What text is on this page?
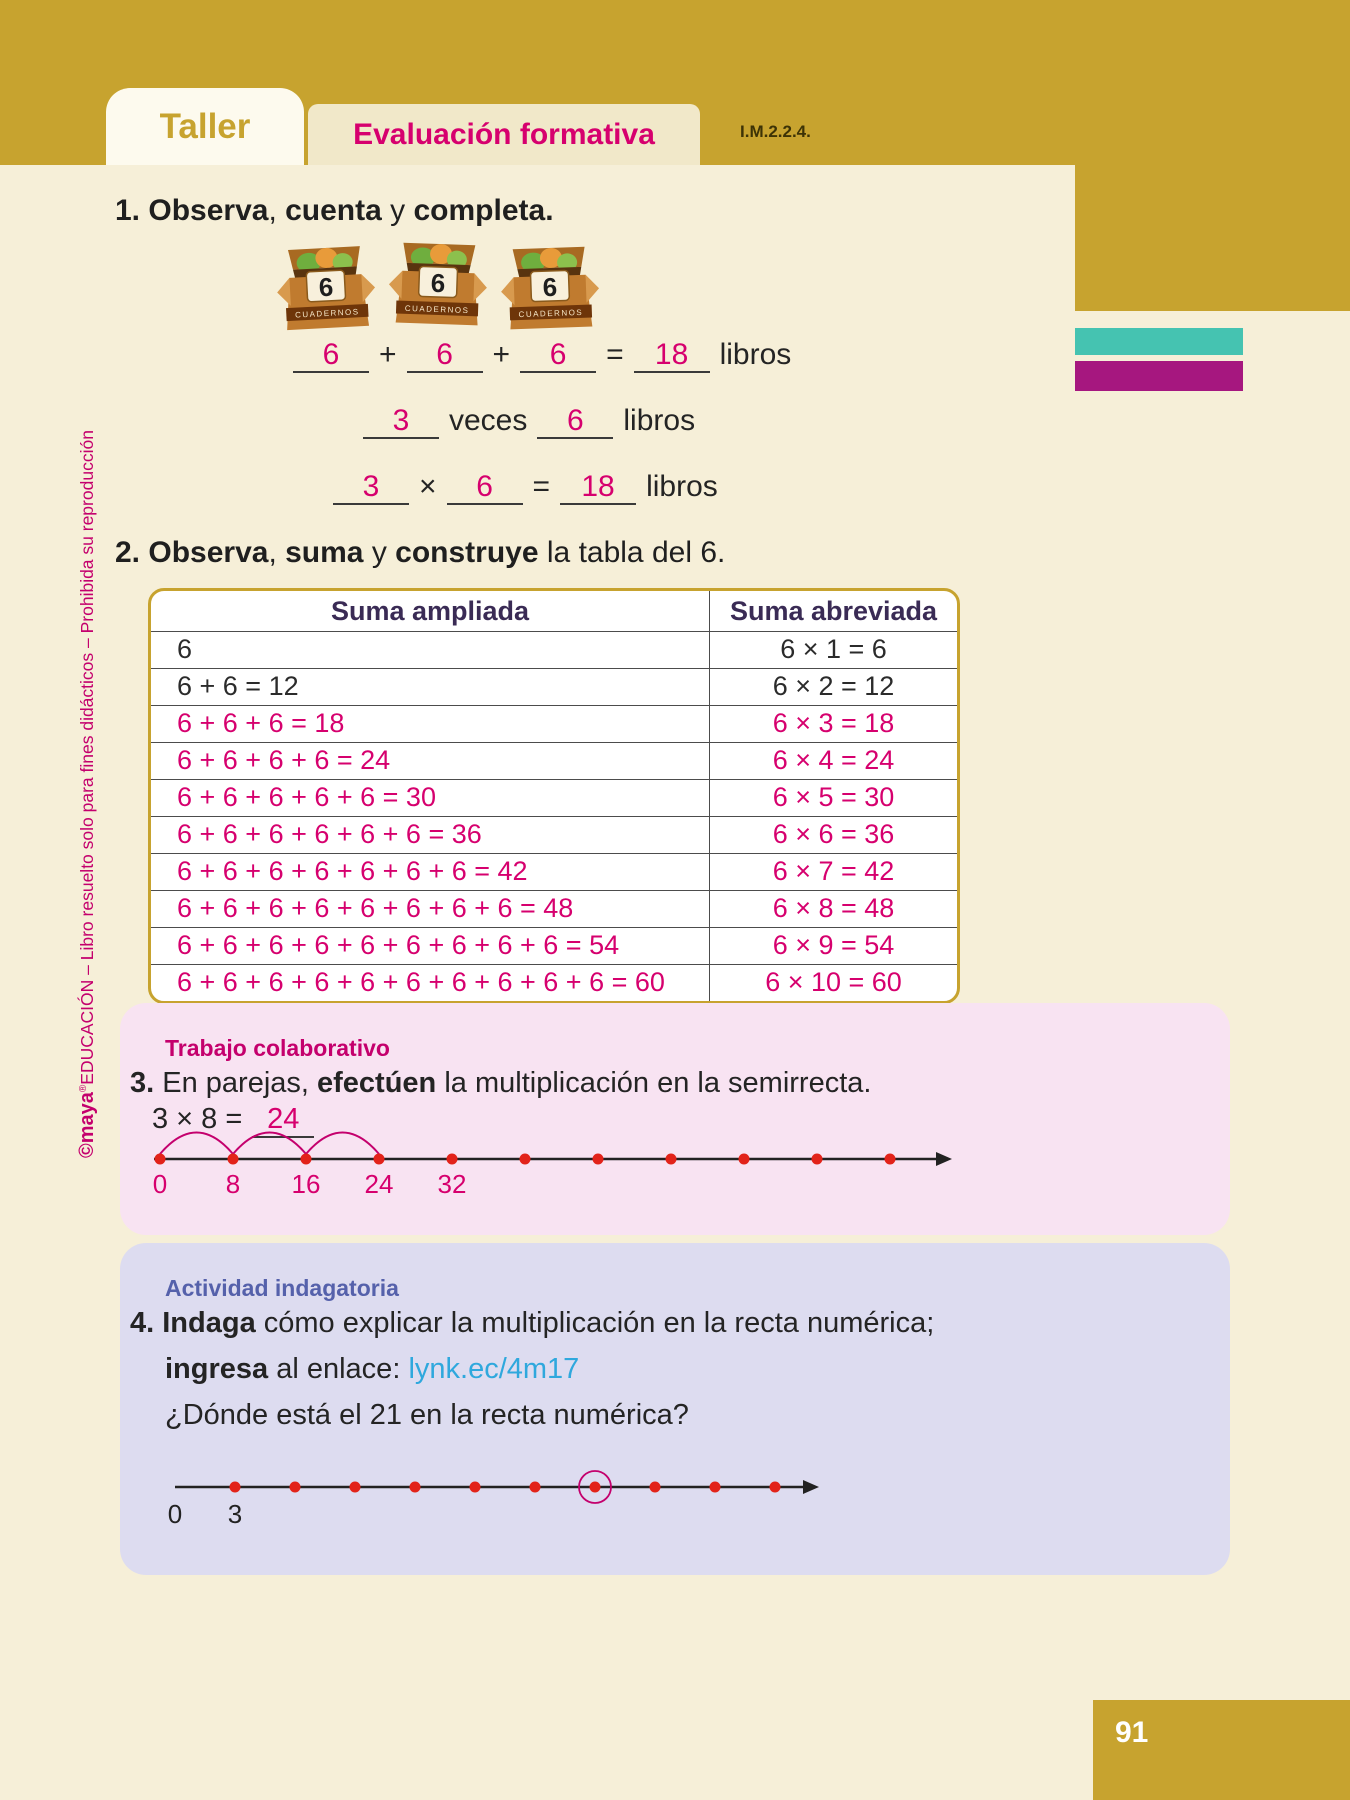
Taller	Evaluación formativa	I.M.2.2.4.
©maya®EDUCACIÓN – Libro resuelto solo para fines didácticos – Prohibida su reproducción
1. Observa, cuenta y completa.
6
CUADERNOS
6
CUADERNOS
6
CUADERNOS
6	+	6	+	6	=	18	libros
3	veces	6	libros
3	×	6	=	18	libros
2. Observa, suma y construye la tabla del 6.
Suma ampliada	Suma abreviada
6	6 × 1 = 6
6 + 6 = 12	6 × 2 = 12
6 + 6 + 6 = 18	6 × 3 = 18
6 + 6 + 6 + 6 = 24	6 × 4 = 24
6 + 6 + 6 + 6 + 6 = 30	6 × 5 = 30
6 + 6 + 6 + 6 + 6 + 6 = 36	6 × 6 = 36
6 + 6 + 6 + 6 + 6 + 6 + 6 = 42	6 × 7 = 42
6 + 6 + 6 + 6 + 6 + 6 + 6 + 6 = 48	6 × 8 = 48
6 + 6 + 6 + 6 + 6 + 6 + 6 + 6 + 6 = 54	6 × 9 = 54
6 + 6 + 6 + 6 + 6 + 6 + 6 + 6 + 6 + 6 = 60	6 × 10 = 60
Trabajo colaborativo
3. En parejas, efectúen la multiplicación en la semirrecta.
3 × 8 = 24
0 8 16 24 32
Actividad indagatoria
4. Indaga cómo explicar la multiplicación en la recta numérica;
ingresa al enlace: lynk.ec/4m17
¿Dónde está el 21 en la recta numérica?
0 3
91
